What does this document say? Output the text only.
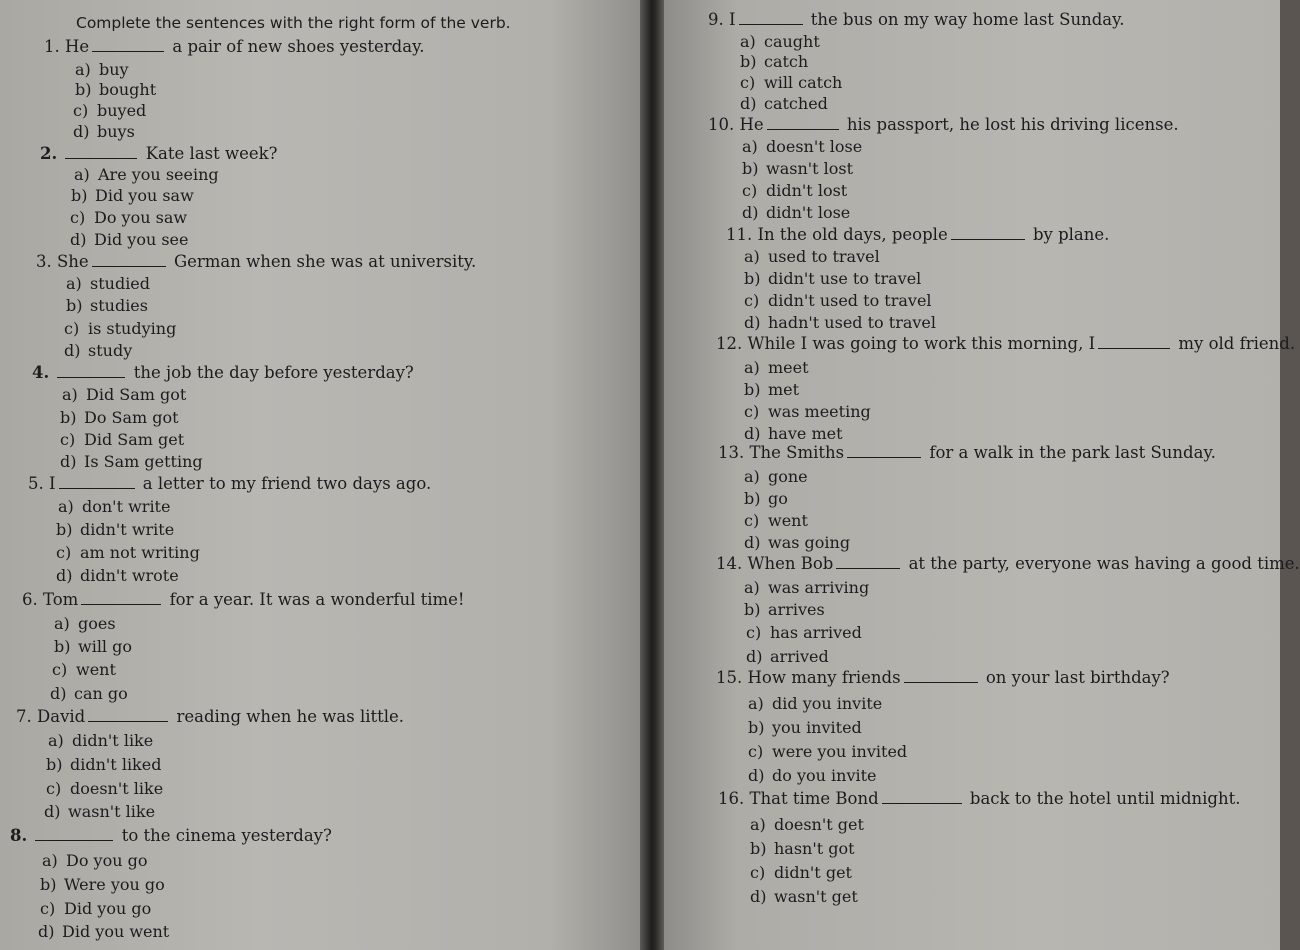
Complete the sentences with the right form of the verb.
1. He	a pair of new shoes yesterday.
a) buy
b) bought
c) buyed
d) buys
2.	Kate last week?
a) Are you seeing
b) Did you saw
c) Do you saw
d) Did you see
3. She	German when she was at university.
a) studied
b) studies
c) is studying
d) study
4.	the job the day before yesterday?
a) Did Sam got
b) Do Sam got
c) Did Sam get
d) Is Sam getting
5. I	a letter to my friend two days ago.
a) don't write
b) didn't write
c) am not writing
d) didn't wrote
6. Tom	for a year. It was a wonderful time!
a) goes
b) will go
c) went
d) can go
7. David	reading when he was little.
a) didn't like
b) didn't liked
c) doesn't like
d) wasn't like
8.	to the cinema yesterday?
a) Do you go
b) Were you go
c) Did you go
d) Did you went
9. I	the bus on my way home last Sunday.
a) caught
b) catch
c) will catch
d) catched
10. He	his passport, he lost his driving license.
a) doesn't lose
b) wasn't lost
c) didn't lost
d) didn't lose
11. In the old days, people	by plane.
a) used to travel
b) didn't use to travel
c) didn't used to travel
d) hadn't used to travel
12. While I was going to work this morning, I	my old friend.
a) meet
b) met
c) was meeting
d) have met
13. The Smiths	for a walk in the park last Sunday.
a) gone
b) go
c) went
d) was going
14. When Bob	at the party, everyone was having a good time.
a) was arriving
b) arrives
c) has arrived
d) arrived
15. How many friends	on your last birthday?
a) did you invite
b) you invited
c) were you invited
d) do you invite
16. That time Bond	back to the hotel until midnight.
a) doesn't get
b) hasn't got
c) didn't get
d) wasn't get
